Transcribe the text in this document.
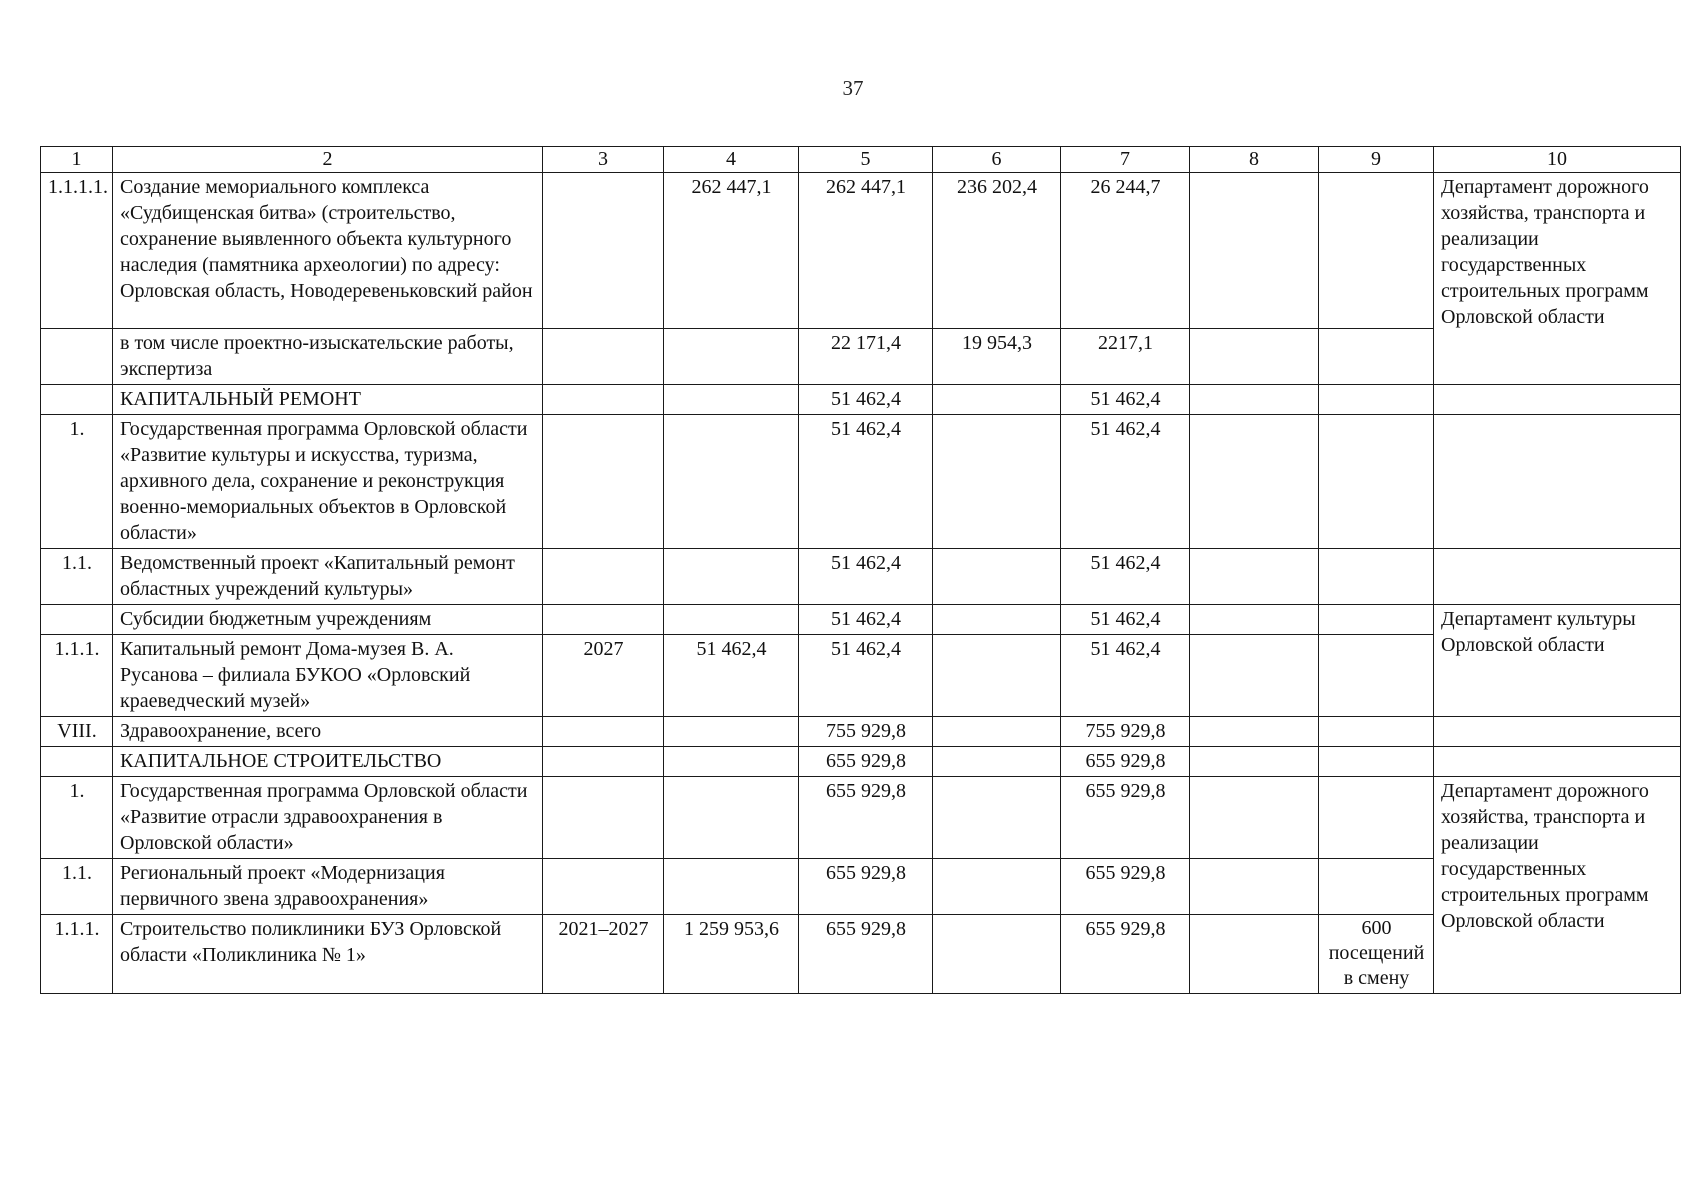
37
1	2	3	4	5	6	7	8	9	10
1.1.1.1.	Создание мемориального комплекса «Судбищенская битва» (строительство, сохранение выявленного объекта культурного наследия (памятника археологии) по адресу: Орловская область, Новодеревеньковский район		262 447,1	262 447,1	236 202,4	26 244,7			Департамент дорожного хозяйства, транспорта и реализации государственных строительных программ Орловской области
	в том числе проектно-изыскательские работы, экспертиза			22 171,4	19 954,3	2217,1			
	КАПИТАЛЬНЫЙ РЕМОНТ			51 462,4		51 462,4			
1.	Государственная программа Орловской области «Развитие культуры и искусства, туризма, архивного дела, сохранение и реконструкция военно-мемориальных объектов в Орловской области»			51 462,4		51 462,4			
1.1.	Ведомственный проект «Капитальный ремонт областных учреждений культуры»			51 462,4		51 462,4			
	Субсидии бюджетным учреждениям			51 462,4		51 462,4			Департамент культуры Орловской области
1.1.1.	Капитальный ремонт Дома-музея В. А. Русанова – филиала БУКОО «Орловский краеведческий музей»	2027	51 462,4	51 462,4		51 462,4			
VIII.	Здравоохранение, всего			755 929,8		755 929,8			
	КАПИТАЛЬНОЕ СТРОИТЕЛЬСТВО			655 929,8		655 929,8			
1.	Государственная программа Орловской области «Развитие отрасли здравоохранения в Орловской области»			655 929,8		655 929,8			Департамент дорожного хозяйства, транспорта и реализации государственных строительных программ Орловской области
1.1.	Региональный проект «Модернизация первичного звена здравоохранения»			655 929,8		655 929,8			
1.1.1.	Строительство поликлиники БУЗ Орловской области «Поликлиника № 1»	2021–2027	1 259 953,6	655 929,8		655 929,8		600 посещений в смену	
